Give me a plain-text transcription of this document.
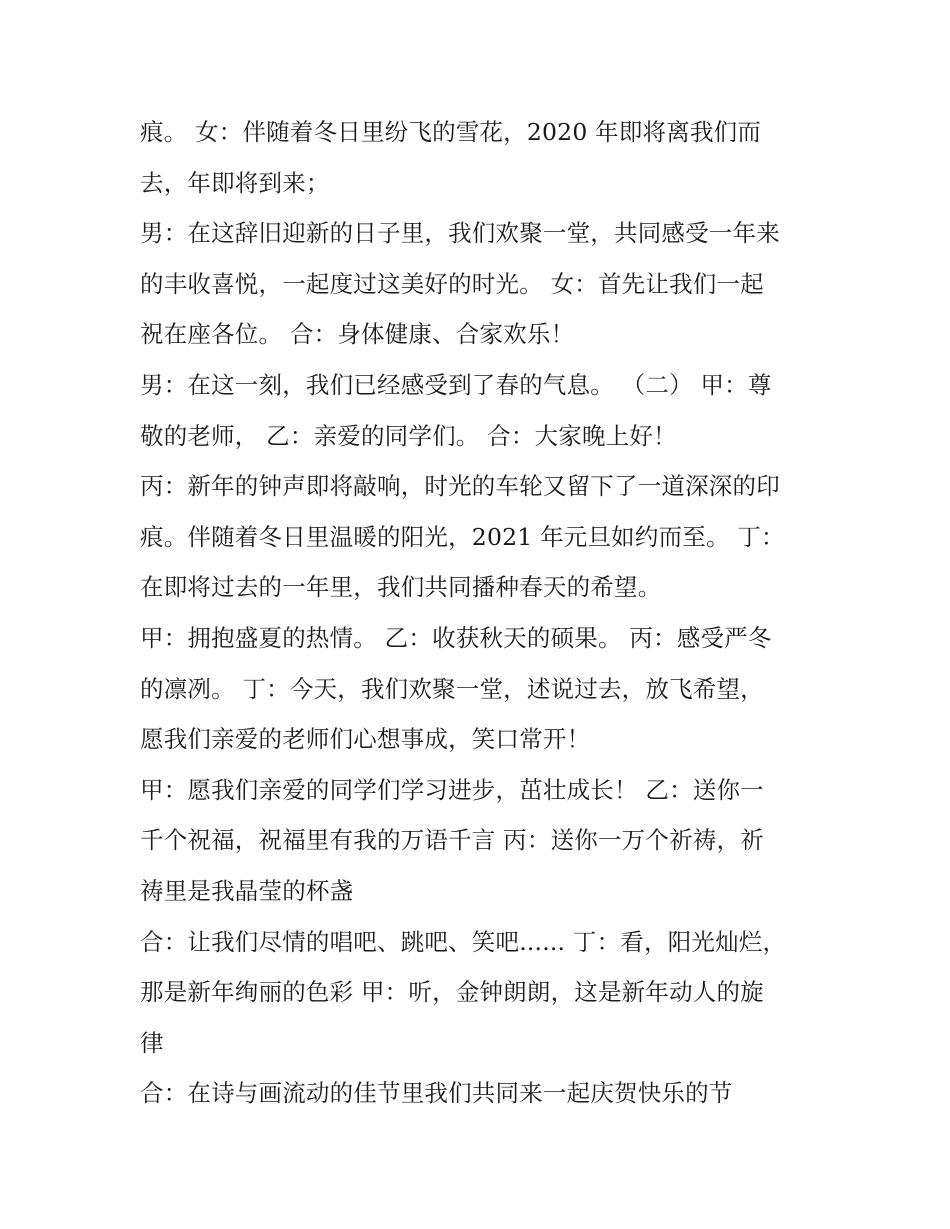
痕。 女：伴随着冬日里纷飞的雪花，2020 年即将离我们而
去，年即将到来；
男：在这辞旧迎新的日子里，我们欢聚一堂，共同感受一年来
的丰收喜悦，一起度过这美好的时光。 女：首先让我们一起
祝在座各位。 合：身体健康、合家欢乐！
男：在这一刻，我们已经感受到了春的气息。 （二） 甲：尊
敬的老师， 乙：亲爱的同学们。 合：大家晚上好！
丙：新年的钟声即将敲响，时光的车轮又留下了一道深深的印
痕。伴随着冬日里温暖的阳光，2021 年元旦如约而至。 丁：
在即将过去的一年里，我们共同播种春天的希望。
甲：拥抱盛夏的热情。 乙：收获秋天的硕果。 丙：感受严冬
的凛冽。 丁：今天，我们欢聚一堂，述说过去，放飞希望，
愿我们亲爱的老师们心想事成，笑口常开！
甲：愿我们亲爱的同学们学习进步，茁壮成长！ 乙：送你一
千个祝福，祝福里有我的万语千言 丙：送你一万个祈祷，祈
祷里是我晶莹的杯盏
合：让我们尽情的唱吧、跳吧、笑吧...... 丁：看，阳光灿烂，
那是新年绚丽的色彩 甲：听，金钟朗朗，这是新年动人的旋
律
合：在诗与画流动的佳节里我们共同来一起庆贺快乐的节
